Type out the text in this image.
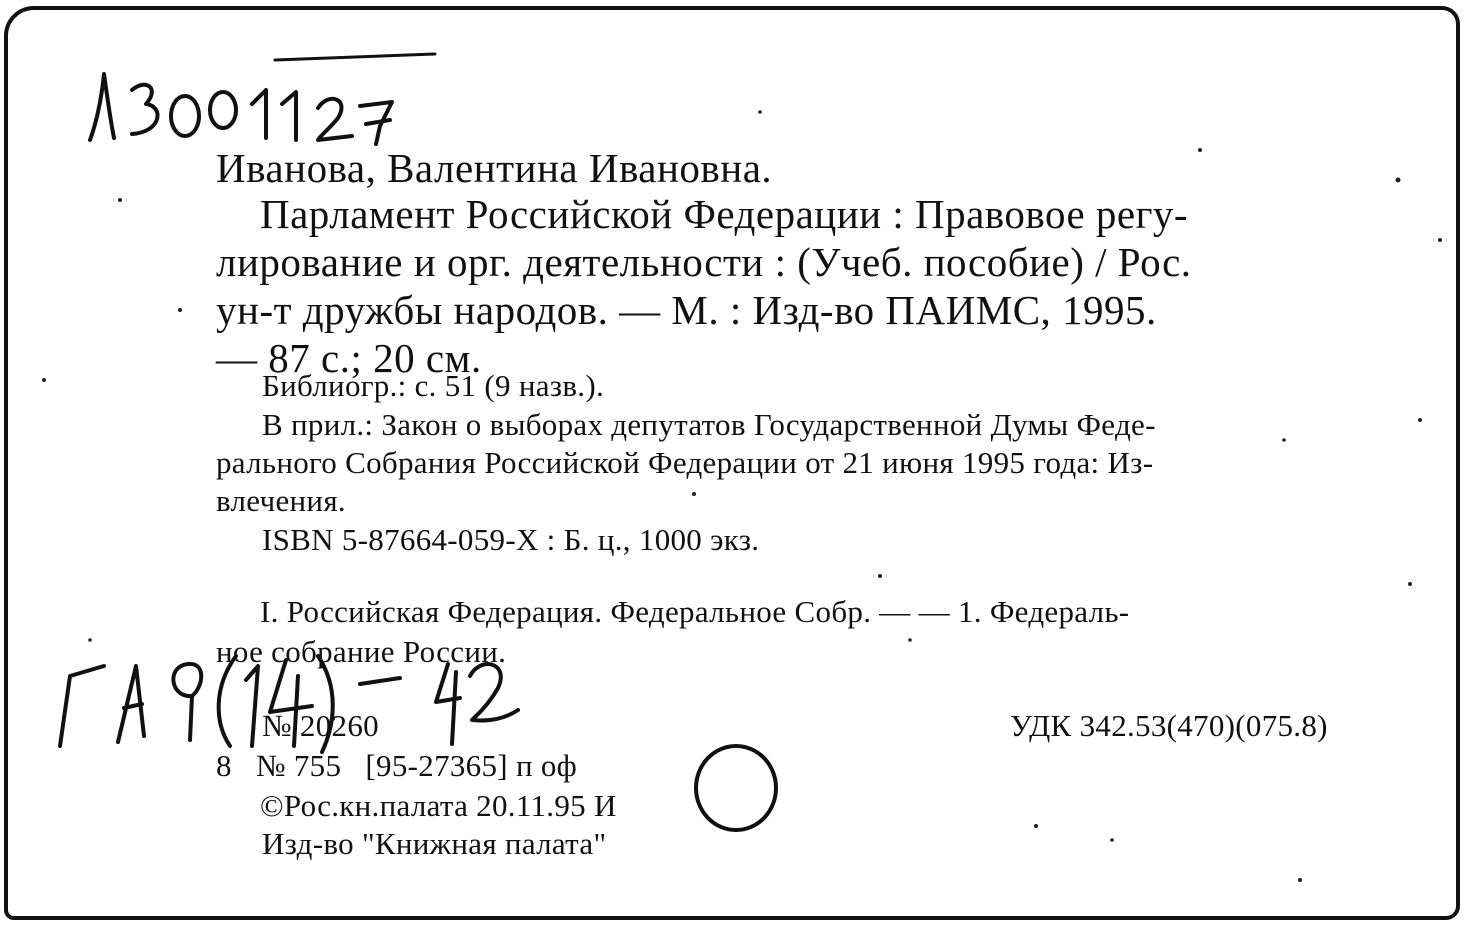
Иванова, Валентина Ивановна.
Парламент Российской Федерации : Правовое регу-
лирование и орг. деятельности : (Учеб. пособие) / Рос.
ун-т дружбы народов. — М. : Изд-во ПАИМС, 1995.
— 87 с.; 20 см.
Библиогр.: с. 51 (9 назв.).
В прил.: Закон о выборах депутатов Государственной Думы Феде-
рального Собрания Российской Федерации от 21 июня 1995 года: Из-
влечения.
ISBN 5-87664-059-X : Б. ц., 1000 экз.
I. Российская Федерация. Федеральное Собр. — — 1. Федераль-
ное собрание России.
№ 20260	УДК 342.53(470)(075.8)
8   № 755   [95-27365] п оф
©Рос.кн.палата 20.11.95 И
Изд-во "Книжная палата"
